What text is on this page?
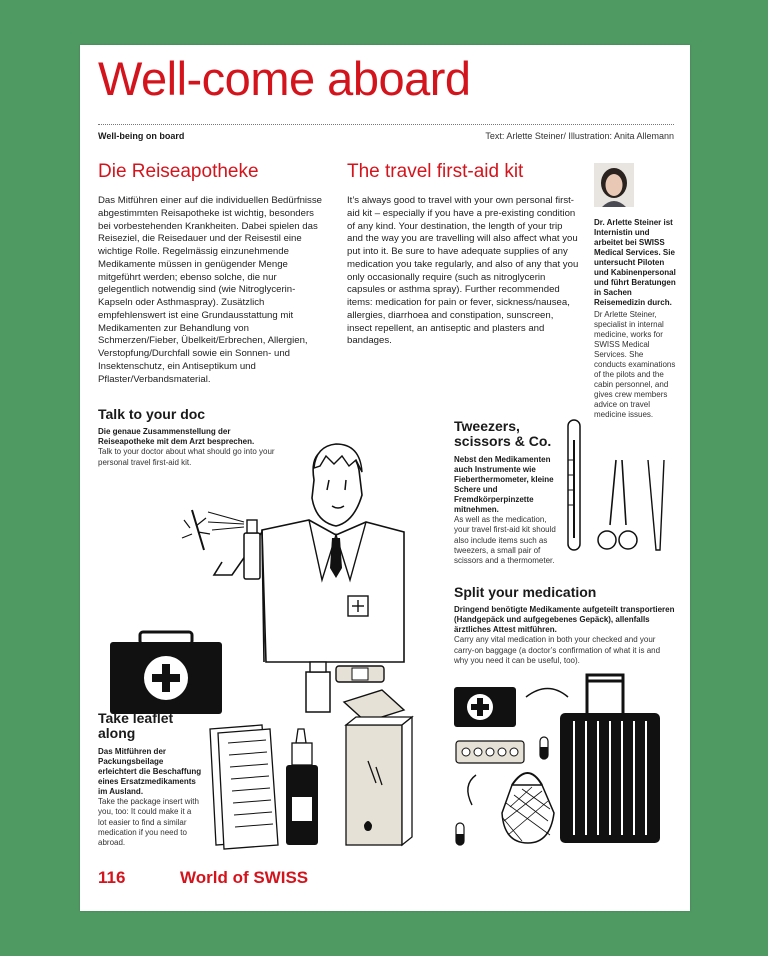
Well-come aboard
Well-being on board	Text: Arlette Steiner/ Illustration: Anita Allemann
Die Reiseapotheke
Das Mitführen einer auf die individuellen Bedürfnisse abgestimmten Reisapotheke ist wichtig, besonders bei vorbestehenden Krankheiten. Dabei spielen das Reiseziel, die Reisedauer und der Reisestil eine wichtige Rolle. Regelmässig einzunehmende Medikamente müssen in genügender Menge mitgeführt werden; ebenso solche, die nur gelegentlich notwendig sind (wie Nitroglycerin-Kapseln oder Asthmaspray). Zusätzlich empfehlenswert ist eine Grundausstattung mit Medikamenten zur Behandlung von Schmerzen/Fieber, Übelkeit/Erbrechen, Allergien, Verstopfung/Durchfall sowie ein Sonnen- und Insektenschutz, ein Antiseptikum und Pflaster/Verbandsmaterial.
The travel first-aid kit
It’s always good to travel with your own personal first-aid kit – especially if you have a pre-existing condition of any kind. Your destination, the length of your trip and the way you are travelling will also affect what you put into it. Be sure to have adequate supplies of any medication you take regularly, and also of any that you only occasionally require (such as nitroglycerin capsules or asthma spray). Further recommended items: medication for pain or fever, sickness/nausea, allergies, diarrhoea and constipation, sunscreen, insect repellent, an antiseptic and plasters and bandages.
Dr. Arlette Steiner ist Internistin und arbeitet bei SWISS Medical Services. Sie untersucht Piloten und Kabinenpersonal und führt Beratungen in Sachen Reisemedizin durch.
Dr Arlette Steiner, specialist in internal medicine, works for SWISS Medical Services. She conducts examinations of the pilots and the cabin personnel, and gives crew members advice on travel medicine issues.
Talk to your doc
Die genaue Zusammenstellung der Reiseapotheke mit dem Arzt besprechen.
Talk to your doctor about what should go into your personal travel first-aid kit.
Tweezers, scissors & Co.
Nebst den Medikamenten auch Instrumente wie Fieberthermometer, kleine Schere und Fremdkörperpinzette mitnehmen.
As well as the medication, your travel first-aid kit should also include items such as tweezers, a small pair of scissors and a thermometer.
Split your medication
Dringend benötigte Medikamente aufgeteilt transportieren (Handgepäck und aufgegebenes Gepäck), allenfalls ärztliches Attest mitführen.
Carry any vital medication in both your checked and your carry-on baggage (a doctor’s confirmation of what it is and why you need it can be useful, too).
Take leaflet along
Das Mitführen der Packungsbeilage erleichtert die Beschaffung eines Ersatzmedikaments im Ausland.
Take the package insert with you, too: It could make it a lot easier to find a similar medication if you need to abroad.
116	World of SWISS
